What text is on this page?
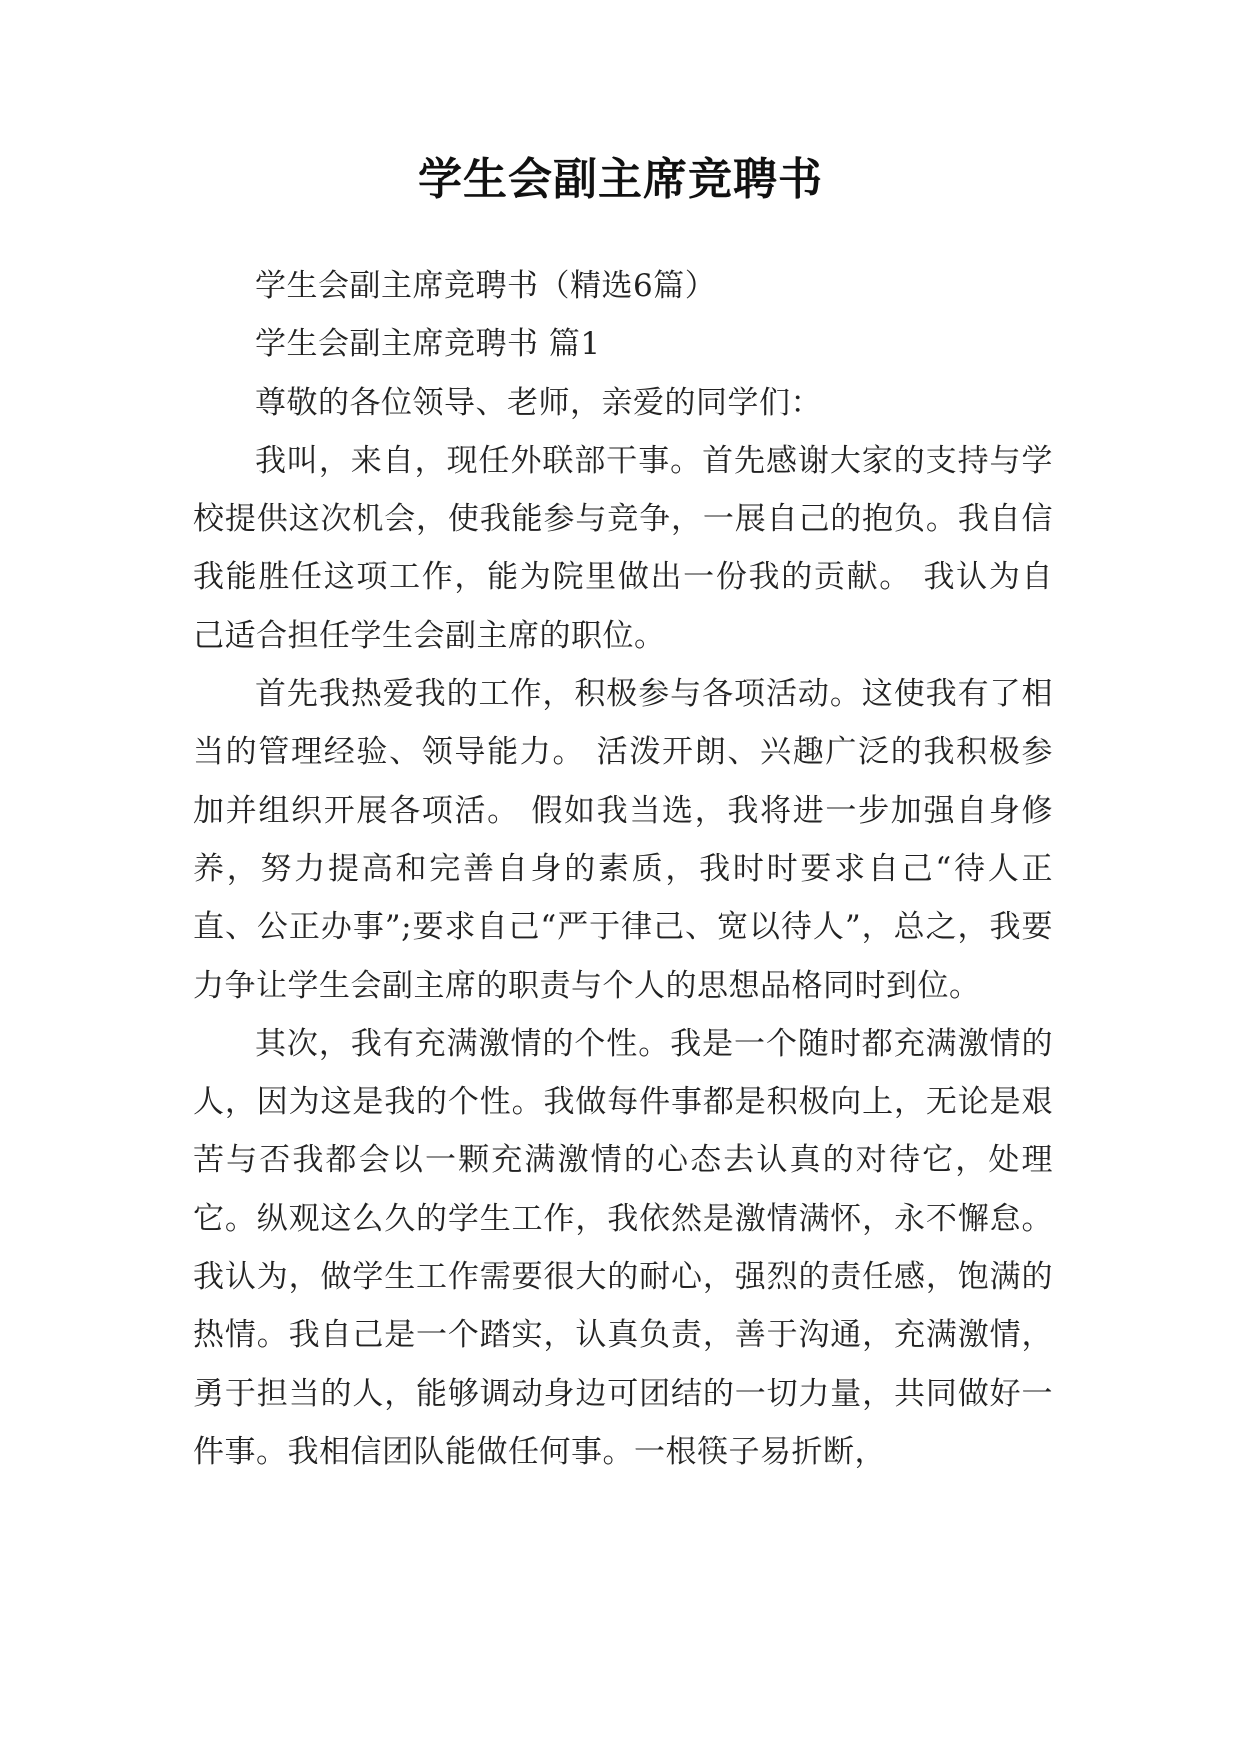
学生会副主席竞聘书

学生会副主席竞聘书（精选6篇）

学生会副主席竞聘书 篇1

尊敬的各位领导、老师，亲爱的同学们：

我叫，来自，现任外联部干事。首先感谢大家的支持与学校提供这次机会，使我能参与竞争，一展自己的抱负。我自信我能胜任这项工作，能为院里做出一份我的贡献。 我认为自己适合担任学生会副主席的职位。

首先我热爱我的工作，积极参与各项活动。这使我有了相当的管理经验、领导能力。 活泼开朗、兴趣广泛的我积极参加并组织开展各项活。 假如我当选，我将进一步加强自身修养，努力提高和完善自身的素质，我时时要求自己“待人正直、公正办事”;要求自己“严于律己、宽以待人”，总之，我要力争让学生会副主席的职责与个人的思想品格同时到位。

其次，我有充满激情的个性。我是一个随时都充满激情的人，因为这是我的个性。我做每件事都是积极向上，无论是艰苦与否我都会以一颗充满激情的心态去认真的对待它，处理它。纵观这么久的学生工作，我依然是激情满怀，永不懈怠。我认为，做学生工作需要很大的耐心，强烈的责任感，饱满的热情。我自己是一个踏实，认真负责，善于沟通，充满激情，勇于担当的人，能够调动身边可团结的一切力量，共同做好一件事。我相信团队能做任何事。一根筷子易折断，
